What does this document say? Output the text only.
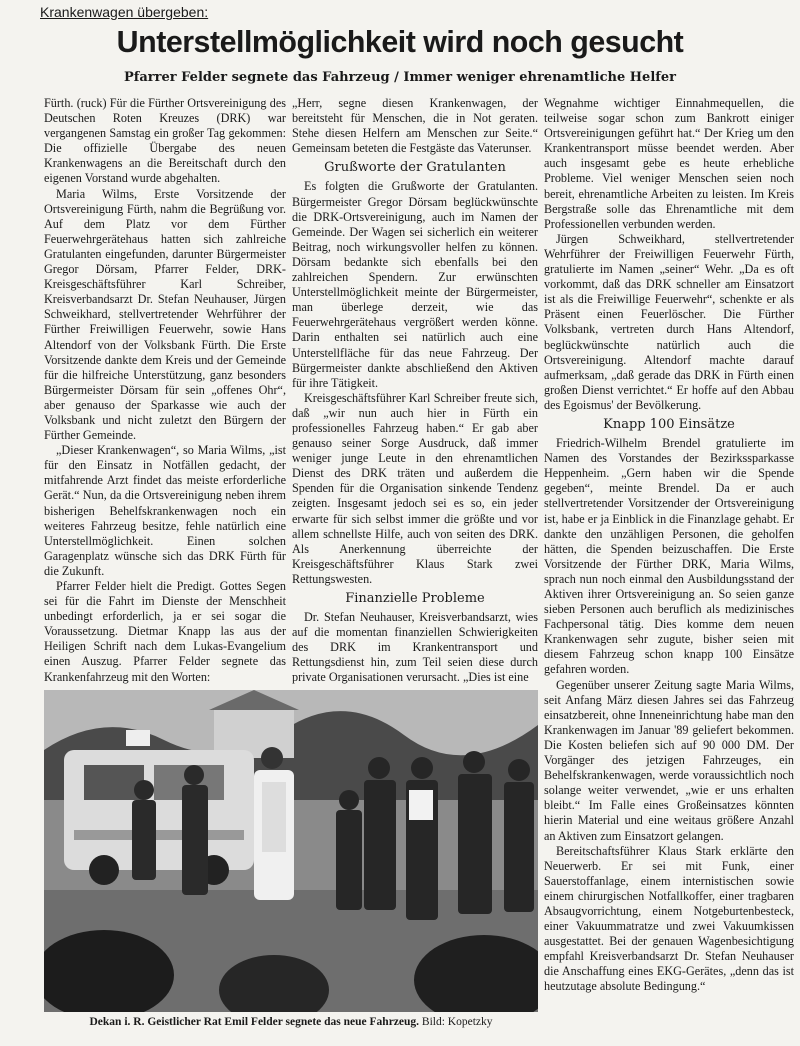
Krankenwagen übergeben:
Unterstellmöglichkeit wird noch gesucht
Pfarrer Felder segnete das Fahrzeug / Immer weniger ehrenamtliche Helfer

Fürth. (ruck) Für die Fürther Ortsvereinigung des Deutschen Roten Kreuzes (DRK) war vergangenen Samstag ein großer Tag gekommen: Die offizielle Übergabe des neuen Krankenwagens an die Bereitschaft durch den eigenen Vorstand wurde abgehalten.

Maria Wilms, Erste Vorsitzende der Ortsvereinigung Fürth, nahm die Begrüßung vor. Auf dem Platz vor dem Fürther Feuerwehrgerätehaus hatten sich zahlreiche Gratulanten eingefunden, darunter Bürgermeister Gregor Dörsam, Pfarrer Felder, DRK-Kreisgeschäftsführer Karl Schreiber, Kreisverbandsarzt Dr. Stefan Neuhauser, Jürgen Schweikhard, stellvertretender Wehrführer der Fürther Freiwilligen Feuerwehr, sowie Hans Altendorf von der Volksbank Fürth. Die Erste Vorsitzende dankte dem Kreis und der Gemeinde für die hilfreiche Unterstützung, ganz besonders Bürgermeister Dörsam für sein „offenes Ohr“, aber genauso der Sparkasse wie auch der Volksbank und nicht zuletzt den Bürgern der Fürther Gemeinde.

„Dieser Krankenwagen“, so Maria Wilms, „ist für den Einsatz in Notfällen gedacht, der mitfahrende Arzt findet das meiste erforderliche Gerät.“ Nun, da die Ortsvereinigung neben ihrem bisherigen Behelfskrankenwagen noch ein weiteres Fahrzeug besitze, fehle natürlich eine Unterstellmöglichkeit. Einen solchen Garagenplatz wünsche sich das DRK Fürth für die Zukunft.

Pfarrer Felder hielt die Predigt. Gottes Segen sei für die Fahrt im Dienste der Menschheit unbedingt erforderlich, ja er sei sogar die Voraussetzung. Dietmar Knapp las aus der Heiligen Schrift nach dem Lukas-Evangelium einen Auszug. Pfarrer Felder segnete das Krankenfahrzeug mit den Worten:

„Herr, segne diesen Krankenwagen, der bereitsteht für Menschen, die in Not geraten. Stehe diesen Helfern am Menschen zur Seite.“ Gemeinsam beteten die Festgäste das Vaterunser.

Grußworte der Gratulanten

Es folgten die Grußworte der Gratulanten. Bürgermeister Gregor Dörsam beglückwünschte die DRK-Ortsvereinigung, auch im Namen der Gemeinde. Der Wagen sei sicherlich ein weiterer Beitrag, noch wirkungsvoller helfen zu können. Dörsam bedankte sich ebenfalls bei den zahlreichen Spendern. Zur erwünschten Unterstellmöglichkeit meinte der Bürgermeister, man überlege derzeit, wie das Feuerwehrgerätehaus vergrößert werden könne. Darin enthalten sei natürlich auch eine Unterstellfläche für das neue Fahrzeug. Der Bürgermeister dankte abschließend den Aktiven für ihre Tätigkeit.

Kreisgeschäftsführer Karl Schreiber freute sich, daß „wir nun auch hier in Fürth ein professionelles Fahrzeug haben.“ Er gab aber genauso seiner Sorge Ausdruck, daß immer weniger junge Leute in den ehrenamtlichen Dienst des DRK träten und außerdem die Spenden für die Organisation sinkende Tendenz zeigten. Insgesamt jedoch sei es so, ein jeder erwarte für sich selbst immer die größte und vor allem schnellste Hilfe, auch von seiten des DRK. Als Anerkennung überreichte der Kreisgeschäftsführer Klaus Stark zwei Rettungswesten.

Finanzielle Probleme

Dr. Stefan Neuhauser, Kreisverbandsarzt, wies auf die momentan finanziellen Schwierigkeiten des DRK im Krankentransport und Rettungsdienst hin, zum Teil seien diese durch private Organisationen verursacht. „Dies ist eine

Wegnahme wichtiger Einnahmequellen, die teilweise sogar schon zum Bankrott einiger Ortsvereinigungen geführt hat.“ Der Krieg um den Krankentransport müsse beendet werden. Aber auch insgesamt gebe es heute erhebliche Probleme. Viel weniger Menschen seien noch bereit, ehrenamtliche Arbeiten zu leisten. Im Kreis Bergstraße solle das Ehrenamtliche mit dem Professionellen verbunden werden.

Jürgen Schweikhard, stellvertretender Wehrführer der Freiwilligen Feuerwehr Fürth, gratulierte im Namen „seiner“ Wehr. „Da es oft vorkommt, daß das DRK schneller am Einsatzort ist als die Freiwillige Feuerwehr“, schenkte er als Präsent einen Feuerlöscher. Die Fürther Volksbank, vertreten durch Hans Altendorf, beglückwünschte natürlich auch die Ortsvereinigung. Altendorf machte darauf aufmerksam, „daß gerade das DRK in Fürth einen großen Dienst verrichtet.“ Er hoffe auf den Abbau des Egoismus' der Bevölkerung.

Knapp 100 Einsätze

Friedrich-Wilhelm Brendel gratulierte im Namen des Vorstandes der Bezirkssparkasse Heppenheim. „Gern haben wir die Spende gegeben“, meinte Brendel. Da er auch stellvertretender Vorsitzender der Ortsvereinigung ist, habe er ja Einblick in die Finanzlage gehabt. Er dankte den unzähligen Personen, die geholfen hätten, die Spenden beizuschaffen. Die Erste Vorsitzende der Fürther DRK, Maria Wilms, sprach nun noch einmal den Ausbildungsstand der Aktiven ihrer Ortsvereinigung an. So seien ganze sieben Personen auch beruflich als medizinisches Fachpersonal tätig. Dies komme dem neuen Krankenwagen sehr zugute, bisher seien mit diesem Fahrzeug schon knapp 100 Einsätze gefahren worden.

Gegenüber unserer Zeitung sagte Maria Wilms, seit Anfang März diesen Jahres sei das Fahrzeug einsatzbereit, ohne Inneneinrichtung habe man den Krankenwagen im Januar '89 geliefert bekommen. Die Kosten beliefen sich auf 90 000 DM. Der Vorgänger des jetzigen Fahrzeuges, ein Behelfskrankenwagen, werde voraussichtlich noch solange weiter verwendet, „wie er uns erhalten bleibt.“ Im Falle eines Großeinsatzes könnten hierin Material und eine weitaus größere Anzahl an Aktiven zum Einsatzort gelangen.

Bereitschaftsführer Klaus Stark erklärte den Neuerwerb. Er sei mit Funk, einer Sauerstoffanlage, einem internistischen sowie einem chirurgischen Notfallkoffer, einer tragbaren Absaugvorrichtung, einem Notgeburtenbesteck, einer Vakuummatratze und zwei Vakuumkissen ausgestattet. Bei der genauen Wagenbesichtigung empfahl Kreisverbandsarzt Dr. Stefan Neuhauser die Anschaffung eines EKG-Gerätes, „denn das ist heutzutage absolute Bedingung.“

Dekan i. R. Geistlicher Rat Emil Felder segnete das neue Fahrzeug. Bild: Kopetzky
